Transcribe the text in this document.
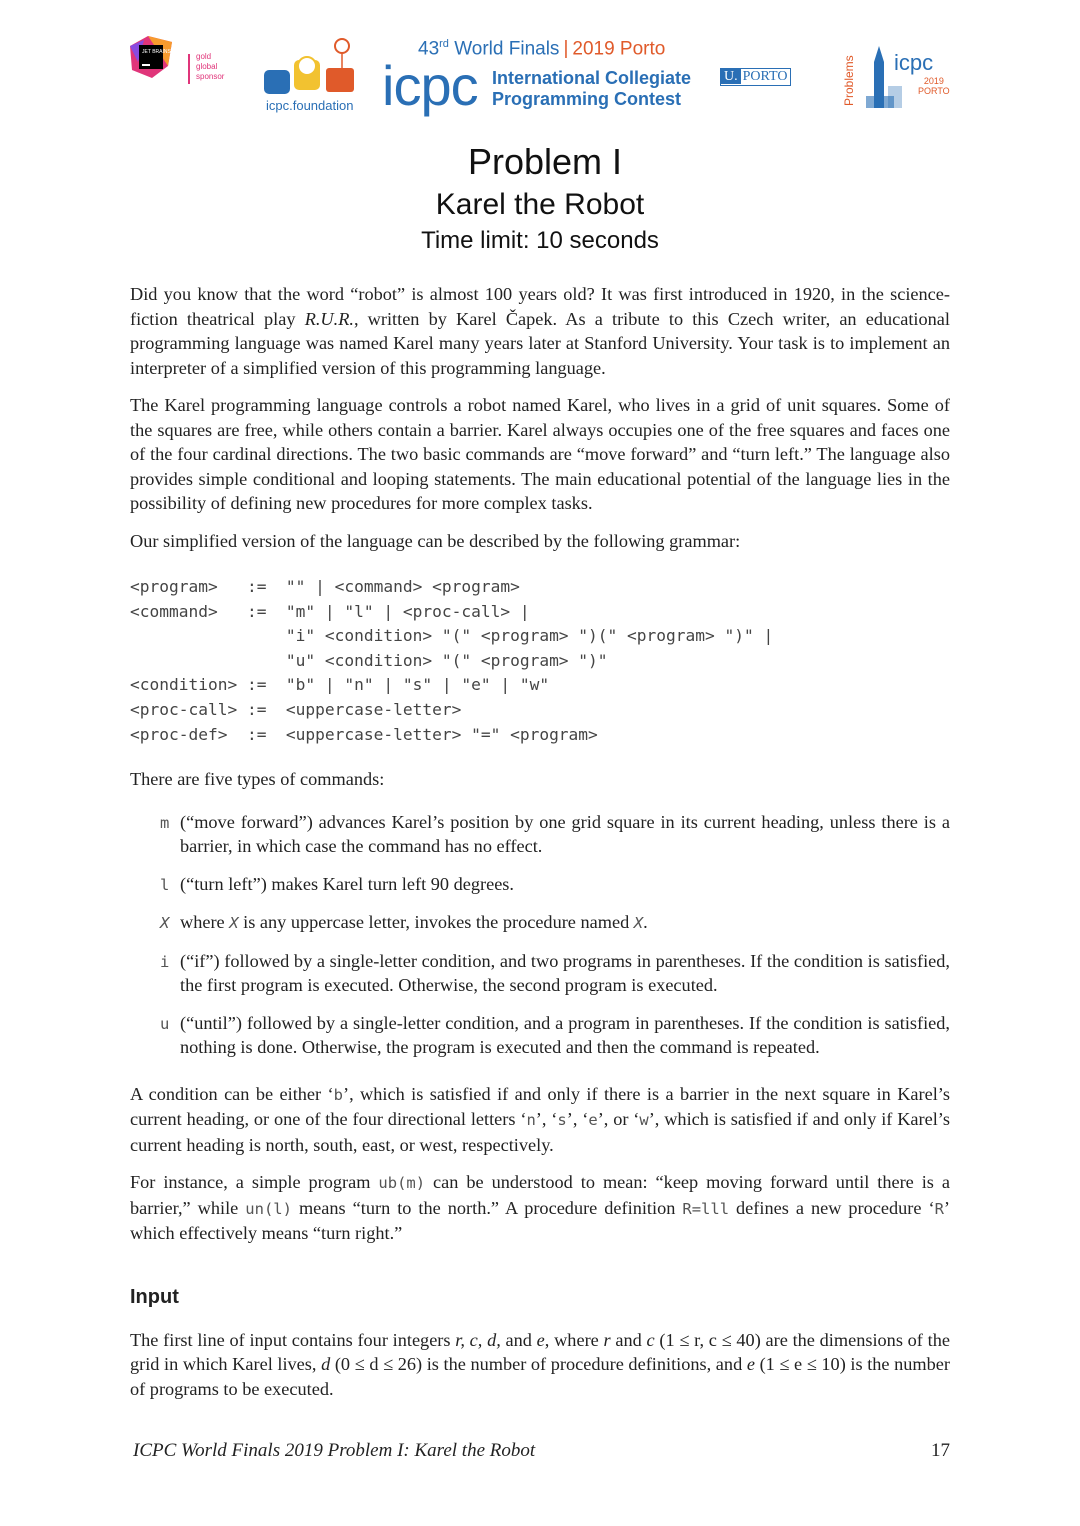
JET BRAINS	gold
global
sponsor
icpc.foundation
43rd World Finals | 2019 Porto
icpc International Collegiate
Programming Contest
U. PORTO	Problems icpc
2019
PORTO
Problem I
Karel the Robot
Time limit: 10 seconds

Did you know that the word “robot” is almost 100 years old? It was first introduced in 1920, in the science-fiction theatrical play R.U.R., written by Karel Čapek. As a tribute to this Czech writer, an educational programming language was named Karel many years later at Stanford University. Your task is to implement an interpreter of a simplified version of this programming language.

The Karel programming language controls a robot named Karel, who lives in a grid of unit squares. Some of the squares are free, while others contain a barrier. Karel always occupies one of the free squares and faces one of the four cardinal directions. The two basic commands are “move forward” and “turn left.” The language also provides simple conditional and looping statements. The main educational potential of the language lies in the possibility of defining new procedures for more complex tasks.

Our simplified version of the language can be described by the following grammar:

<program>   :=  "" | <command> <program>
<command>   :=  "m" | "l" | <proc-call> |
"i" <condition> "(" <program> ")(" <program> ")" |
"u" <condition> "(" <program> ")"
<condition> :=  "b" | "n" | "s" | "e" | "w"
<proc-call> :=  <uppercase-letter>
<proc-def>  :=  <uppercase-letter> "=" <program>

There are five types of commands:

m (“move forward”) advances Karel’s position by one grid square in its current heading, unless there is a barrier, in which case the command has no effect.
l (“turn left”) makes Karel turn left 90 degrees.
X where X is any uppercase letter, invokes the procedure named X.
i (“if”) followed by a single-letter condition, and two programs in parentheses. If the condition is satisfied, the first program is executed. Otherwise, the second program is executed.
u (“until”) followed by a single-letter condition, and a program in parentheses. If the condition is satisfied, nothing is done. Otherwise, the program is executed and then the command is repeated.

A condition can be either ‘b’, which is satisfied if and only if there is a barrier in the next square in Karel’s current heading, or one of the four directional letters ‘n’, ‘s’, ‘e’, or ‘w’, which is satisfied if and only if Karel’s current heading is north, south, east, or west, respectively.

For instance, a simple program ub(m) can be understood to mean: “keep moving forward until there is a barrier,” while un(l) means “turn to the north.” A procedure definition R=lll defines a new procedure ‘R’ which effectively means “turn right.”

Input

The first line of input contains four integers r, c, d, and e, where r and c (1 ≤ r, c ≤ 40) are the dimensions of the grid in which Karel lives, d (0 ≤ d ≤ 26) is the number of procedure definitions, and e (1 ≤ e ≤ 10) is the number of programs to be executed.

ICPC World Finals 2019 Problem I: Karel the Robot	17
